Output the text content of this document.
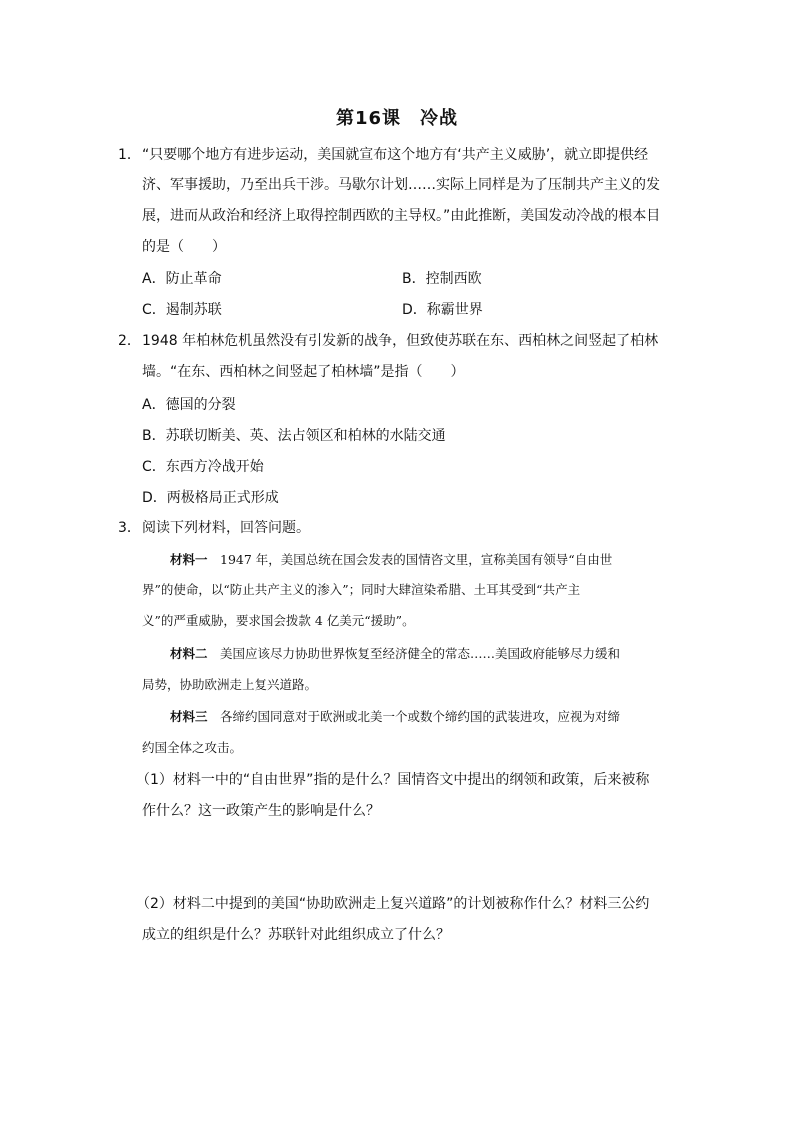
第16课　冷战
1． “只要哪个地方有进步运动，美国就宣布这个地方有‘共产主义威胁’，就立即提供经
济、军事援助，乃至出兵干涉。马歇尔计划……实际上同样是为了压制共产主义的发
展，进而从政治和经济上取得控制西欧的主导权。”由此推断，美国发动冷战的根本目
的是（　　）
A．防止革命	B．控制西欧
C．遏制苏联	D．称霸世界
2． 1948 年柏林危机虽然没有引发新的战争，但致使苏联在东、西柏林之间竖起了柏林
墙。“在东、西柏林之间竖起了柏林墙”是指（　　）
A．德国的分裂
B．苏联切断美、英、法占领区和柏林的水陆交通
C．东西方冷战开始
D．两极格局正式形成
3． 阅读下列材料，回答问题。
材料一　1947 年，美国总统在国会发表的国情咨文里，宣称美国有领导“自由世
界”的使命，以“防止共产主义的渗入”；同时大肆渲染希腊、土耳其受到“共产主
义”的严重威胁，要求国会拨款 4 亿美元“援助”。
材料二　美国应该尽力协助世界恢复至经济健全的常态……美国政府能够尽力缓和
局势，协助欧洲走上复兴道路。
材料三　各缔约国同意对于欧洲或北美一个或数个缔约国的武装进攻，应视为对缔
约国全体之攻击。
（1）材料一中的“自由世界”指的是什么？国情咨文中提出的纲领和政策，后来被称
作什么？这一政策产生的影响是什么？
（2）材料二中提到的美国“协助欧洲走上复兴道路”的计划被称作什么？材料三公约
成立的组织是什么？苏联针对此组织成立了什么？
